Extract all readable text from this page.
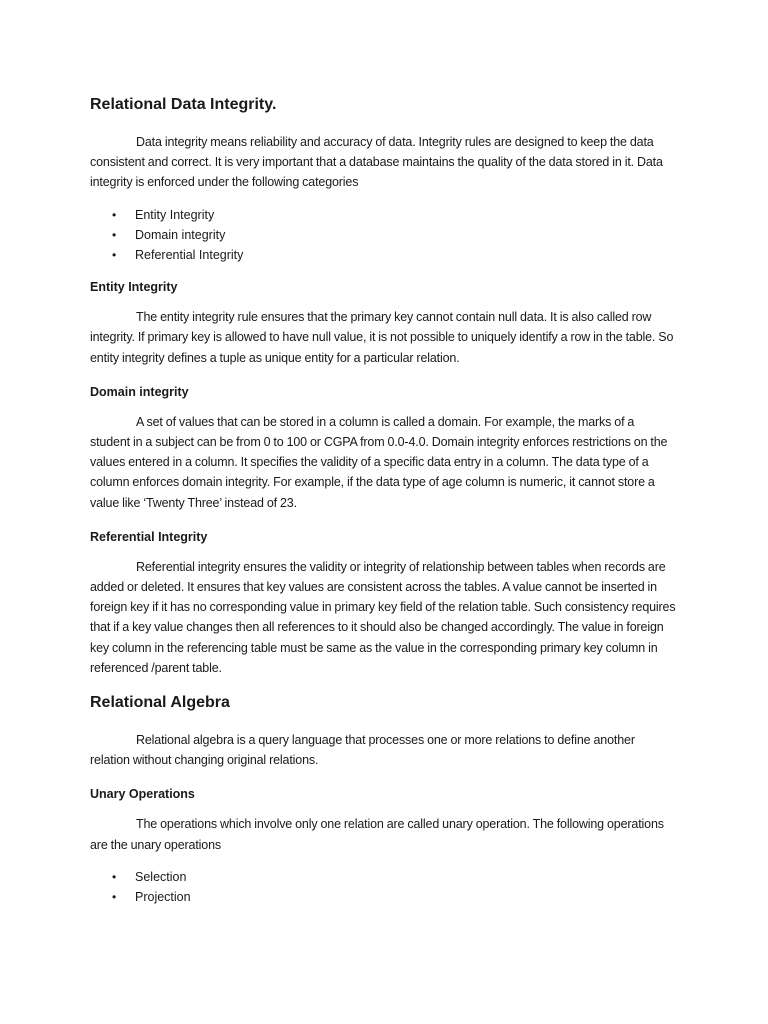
Relational Data Integrity.

Data integrity means reliability and accuracy of data. Integrity rules are designed to keep the data consistent and correct. It is very important that a database maintains the quality of the data stored in it. Data integrity is enforced under the following categories

• Entity Integrity
• Domain integrity
• Referential Integrity
Entity Integrity

The entity integrity rule ensures that the primary key cannot contain null data. It is also called row integrity. If primary key is allowed to have null value, it is not possible to uniquely identify a row in the table. So entity integrity defines a tuple as unique entity for a particular relation.

Domain integrity

A set of values that can be stored in a column is called a domain. For example, the marks of a student in a subject can be from 0 to 100 or CGPA from 0.0-4.0. Domain integrity enforces restrictions on the values entered in a column. It specifies the validity of a specific data entry in a column. The data type of a column enforces domain integrity. For example, if the data type of age column is numeric, it cannot store a value like ‘Twenty Three’ instead of 23.

Referential Integrity

Referential integrity ensures the validity or integrity of relationship between tables when records are added or deleted. It ensures that key values are consistent across the tables. A value cannot be inserted in foreign key if it has no corresponding value in primary key field of the relation table. Such consistency requires that if a key value changes then all references to it should also be changed accordingly. The value in foreign key column in the referencing table must be same as the value in the corresponding primary key column in referenced /parent table.

Relational Algebra

Relational algebra is a query language that processes one or more relations to define another relation without changing original relations.

Unary Operations

The operations which involve only one relation are called unary operation. The following operations are the unary operations

• Selection
• Projection
